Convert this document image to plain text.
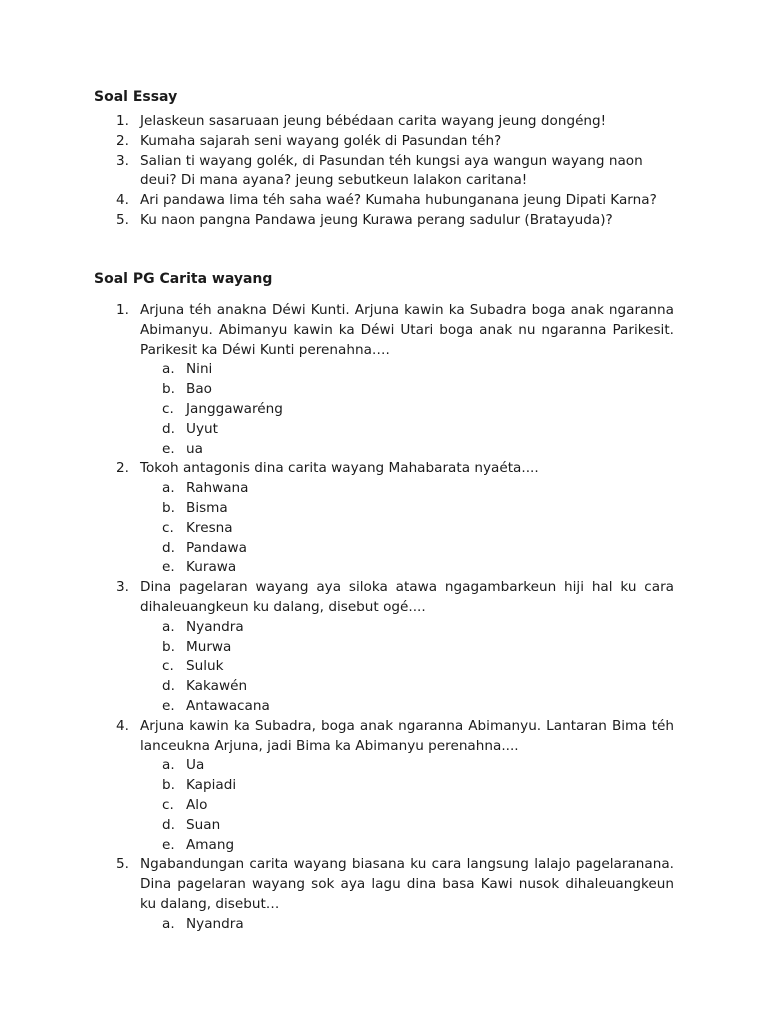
Soal Essay
1. Jelaskeun sasaruaan jeung bébédaan carita wayang jeung dongéng!
2. Kumaha sajarah seni wayang golék di Pasundan téh?
3. Salian ti wayang golék, di Pasundan téh kungsi aya wangun wayang naon deui? Di mana ayana? jeung sebutkeun lalakon caritana!
4. Ari pandawa lima téh saha waé? Kumaha hubunganana jeung Dipati Karna?
5. Ku naon pangna Pandawa jeung Kurawa perang sadulur (Bratayuda)?
Soal PG Carita wayang
1. Arjuna téh anakna Déwi Kunti. Arjuna kawin ka Subadra boga anak ngaranna Abimanyu. Abimanyu kawin ka Déwi Utari boga anak nu ngaranna Parikesit. Parikesit ka Déwi Kunti perenahna….
a. Nini
b. Bao
c. Janggawaréng
d. Uyut
e. ua
2. Tokoh antagonis dina carita wayang Mahabarata nyaéta....
a. Rahwana
b. Bisma
c. Kresna
d. Pandawa
e. Kurawa
3. Dina pagelaran wayang aya siloka atawa ngagambarkeun hiji hal ku cara dihaleuangkeun ku dalang, disebut ogé....
a. Nyandra
b. Murwa
c. Suluk
d. Kakawén
e. Antawacana
4. Arjuna kawin ka Subadra, boga anak ngaranna Abimanyu. Lantaran Bima téh lanceukna Arjuna, jadi Bima ka Abimanyu perenahna....
a. Ua
b. Kapiadi
c. Alo
d. Suan
e. Amang
5. Ngabandungan carita wayang biasana ku cara langsung lalajo pagelaranana. Dina pagelaran wayang sok aya lagu dina basa Kawi nusok dihaleuangkeun ku dalang, disebut…
a. Nyandra
